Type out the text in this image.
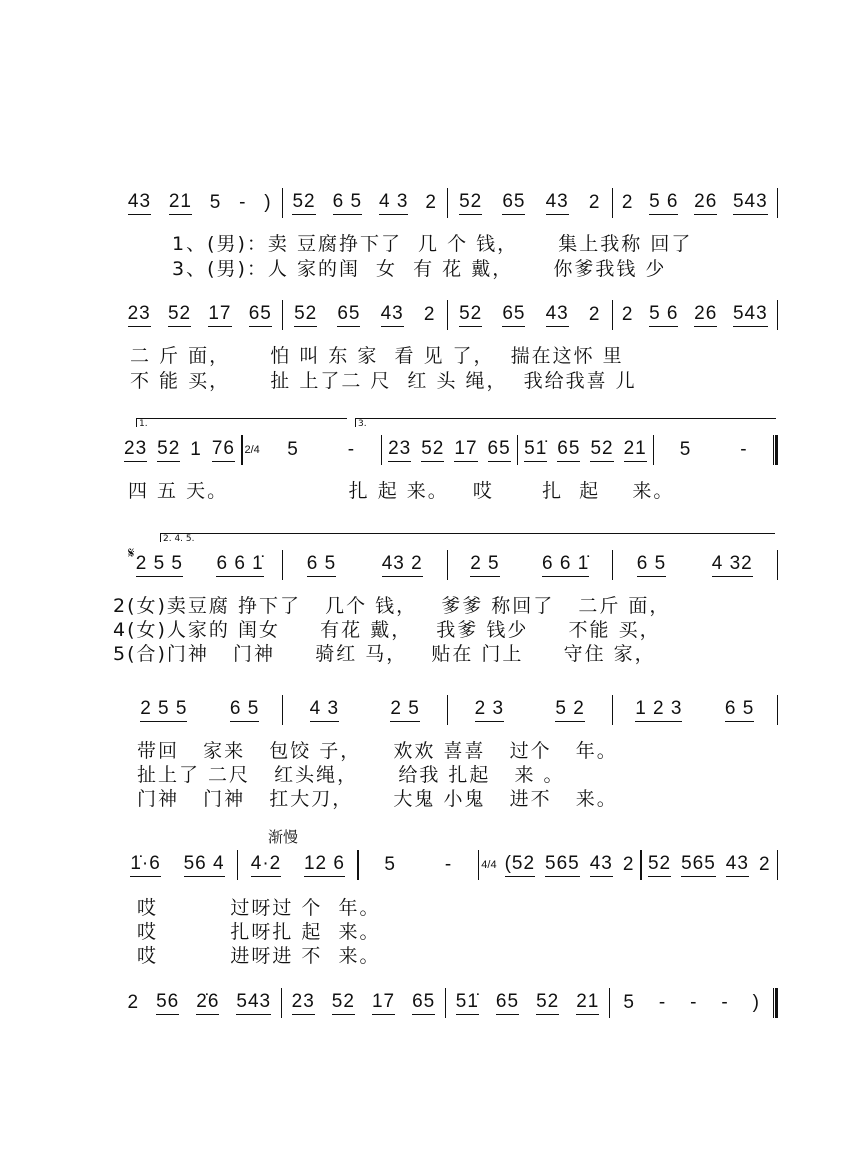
43 21 5 - ) 52 6 5 4 3 2 52 65 43 2 2 5 6 26 543
23 52 17 65 52 65 43 2 52 65 43 2 2 5 6 26 543
23 52 1 76 2/4 5	- 23 52 17 65 51̇ 65 52 21 5	-
2 5 5 6 6 1̇ 6 5 43 2 2 5 6 6 1̇ 6 5 4 32
2 5 5 6 5	4 3	2 5	2 3	5 2	1 2 3 6 5
1̇·6 56 4 4·2 12 6 5	-	4/4 (52 565 43 2 52 565 43 2
2 56 2̇6 543 23 52 17 65 51̇ 65 52 21 5 - - - )
1.	3.
2. 4. 5.
𝄋
渐慢
1、(男)：卖 豆腐挣下了  几 个 钱，     集上我称 回了
3、(男)：人 家的闺  女  有 花 戴，     你爹我钱 少
二 斤 面，     怕 叫 东 家  看 见 了，  揣在这怀 里
不 能 买，     扯 上了二 尺  红 头 绳，  我给我喜 儿
四 五 天。               扎 起 来。   哎      扎  起    来。
2(女)卖豆腐 挣下了   几个 钱，   爹爹 称回了   二斤 面，
4(女)人家的 闺女     有花 戴，   我爹 钱少     不能 买，
5(合)门神   门神     骑红 马，   贴在 门上     守住 家，
带回   家来   包饺 子，    欢欢 喜喜   过个   年。
扯上了 二尺   红头绳，     给我 扎起   来 。
门神   门神   扛大刀，     大鬼 小鬼   进不   来。
哎         过呀过 个  年。
哎         扎呀扎 起  来。
哎         进呀进 不  来。
